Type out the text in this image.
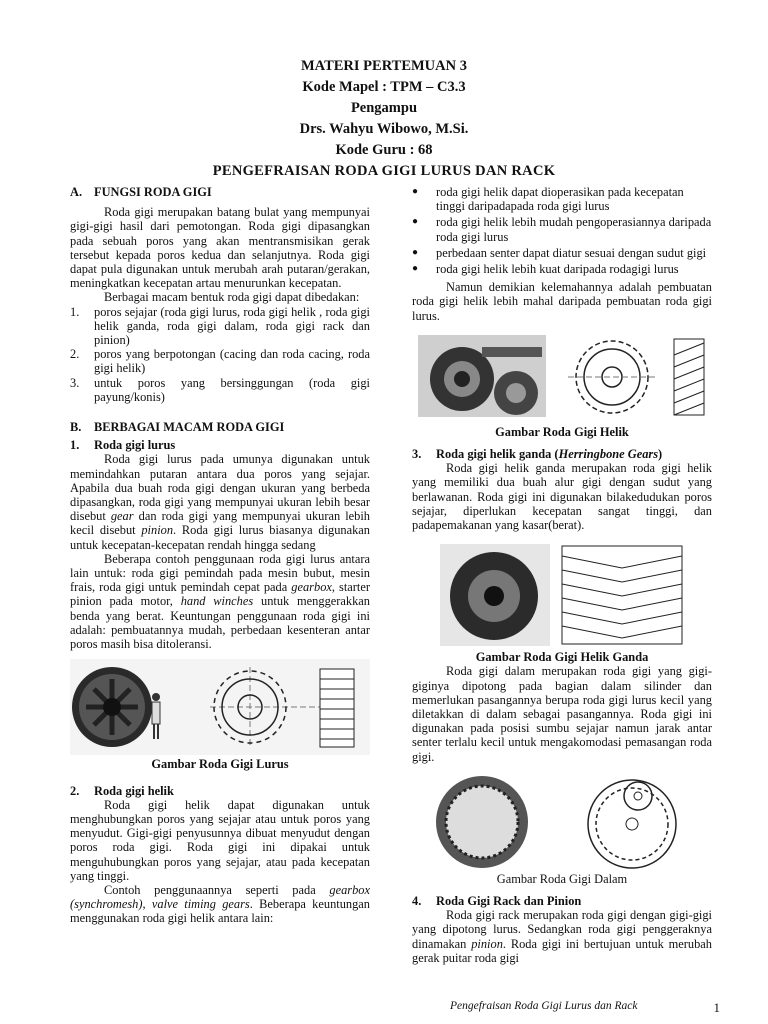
MATERI PERTEMUAN 3
Kode Mapel : TPM – C3.3
Pengampu
Drs. Wahyu Wibowo, M.Si.
Kode Guru : 68
PENGEFRAISAN RODA GIGI LURUS DAN RACK
A. FUNGSI RODA GIGI

Roda gigi merupakan batang bulat yang mempunyai gigi-gigi hasil dari pemotongan. Roda gigi dipasangkan pada sebuah poros yang akan mentransmisikan gerak tersebut kepada poros kedua dan selanjutnya. Roda gigi dapat pula digunakan untuk merubah arah putaran/gerakan, meningkatkan kecepatan artau menurunkan kecepatan.

Berbagai macam bentuk roda gigi dapat dibedakan:

1.	poros sejajar (roda gigi lurus, roda gigi helik , roda gigi helik ganda, roda gigi dalam, roda gigi rack dan pinion)
2.	poros yang berpotongan (cacing dan roda cacing, roda gigi helik)
3.	untuk poros yang bersinggungan (roda gigi payung/konis)
B.	BERBAGAI MACAM RODA GIGI
1.	Roda gigi lurus

Roda gigi lurus pada umunya digunakan untuk memindahkan putaran antara dua poros yang sejajar. Apabila dua buah roda gigi dengan ukuran yang berbeda dipasangkan, roda gigi yang mempunyai ukuran lebih besar disebut gear dan roda gigi yang mempunyai ukuran lebih kecil disebut pinion. Roda gigi lurus biasanya digunakan untuk kecepatan-kecepatan rendah hingga sedang

Beberapa contoh penggunaan roda gigi lurus antara lain untuk: roda gigi pemindah pada mesin bubut, mesin frais, roda gigi untuk pemindah cepat pada gearbox, starter pinion pada motor, hand winches untuk menggerakkan benda yang berat. Keuntungan penggunaan roda gigi ini adalah: pembuatannya mudah, perbedaan kesenteran antar poros masih bisa ditoleransi.

Gambar Roda Gigi Lurus
2.	Roda gigi helik

Roda gigi helik dapat digunakan untuk menghubungkan poros yang sejajar atau untuk poros yang menyudut. Gigi-gigi penyusunnya dibuat menyudut dengan poros roda gigi. Roda gigi ini dipakai untuk menguhubungkan poros yang sejajar, atau pada kecepatan yang tinggi.

Contoh penggunaannya seperti pada gearbox (synchromesh), valve timing gears. Beberapa keuntungan menggunakan roda gigi helik antara lain:

●	roda gigi helik dapat dioperasikan pada kecepatan tinggi daripadapada roda gigi lurus
●	roda gigi helik lebih mudah pengoperasiannya daripada roda gigi lurus
●	perbedaan senter dapat diatur sesuai dengan sudut gigi
●	roda gigi helik lebih kuat daripada rodagigi lurus

Namun demikian kelemahannya adalah pembuatan roda gigi helik lebih mahal daripada pembuatan roda gigi lurus.

Gambar Roda Gigi Helik
3.	Roda gigi helik ganda (Herringbone Gears)

Roda gigi helik ganda merupakan roda gigi helik yang memiliki dua buah alur gigi dengan sudut yang berlawanan. Roda gigi ini digunakan bilakedudukan poros sejajar, diperlukan kecepatan sangat tinggi, dan padapemakanan yang kasar(berat).

Gambar Roda Gigi Helik Ganda

Roda gigi dalam merupakan roda gigi yang gigi-giginya dipotong pada bagian dalam silinder dan memerlukan pasangannya berupa roda gigi lurus kecil yang diletakkan di dalam sebagai pasangannya. Roda gigi ini digunakan pada posisi sumbu sejajar namun jarak antar senter terlalu kecil untuk mengakomodasi pemasangan roda gigi.

Gambar Roda Gigi Dalam
4.	Roda Gigi Rack dan Pinion

Roda gigi rack merupakan roda gigi dengan gigi-gigi yang dipotong lurus. Sedangkan roda gigi penggeraknya dinamakan pinion. Roda gigi ini bertujuan untuk merubah gerak puitar roda gigi

Pengefraisan Roda Gigi Lurus dan Rack	1
